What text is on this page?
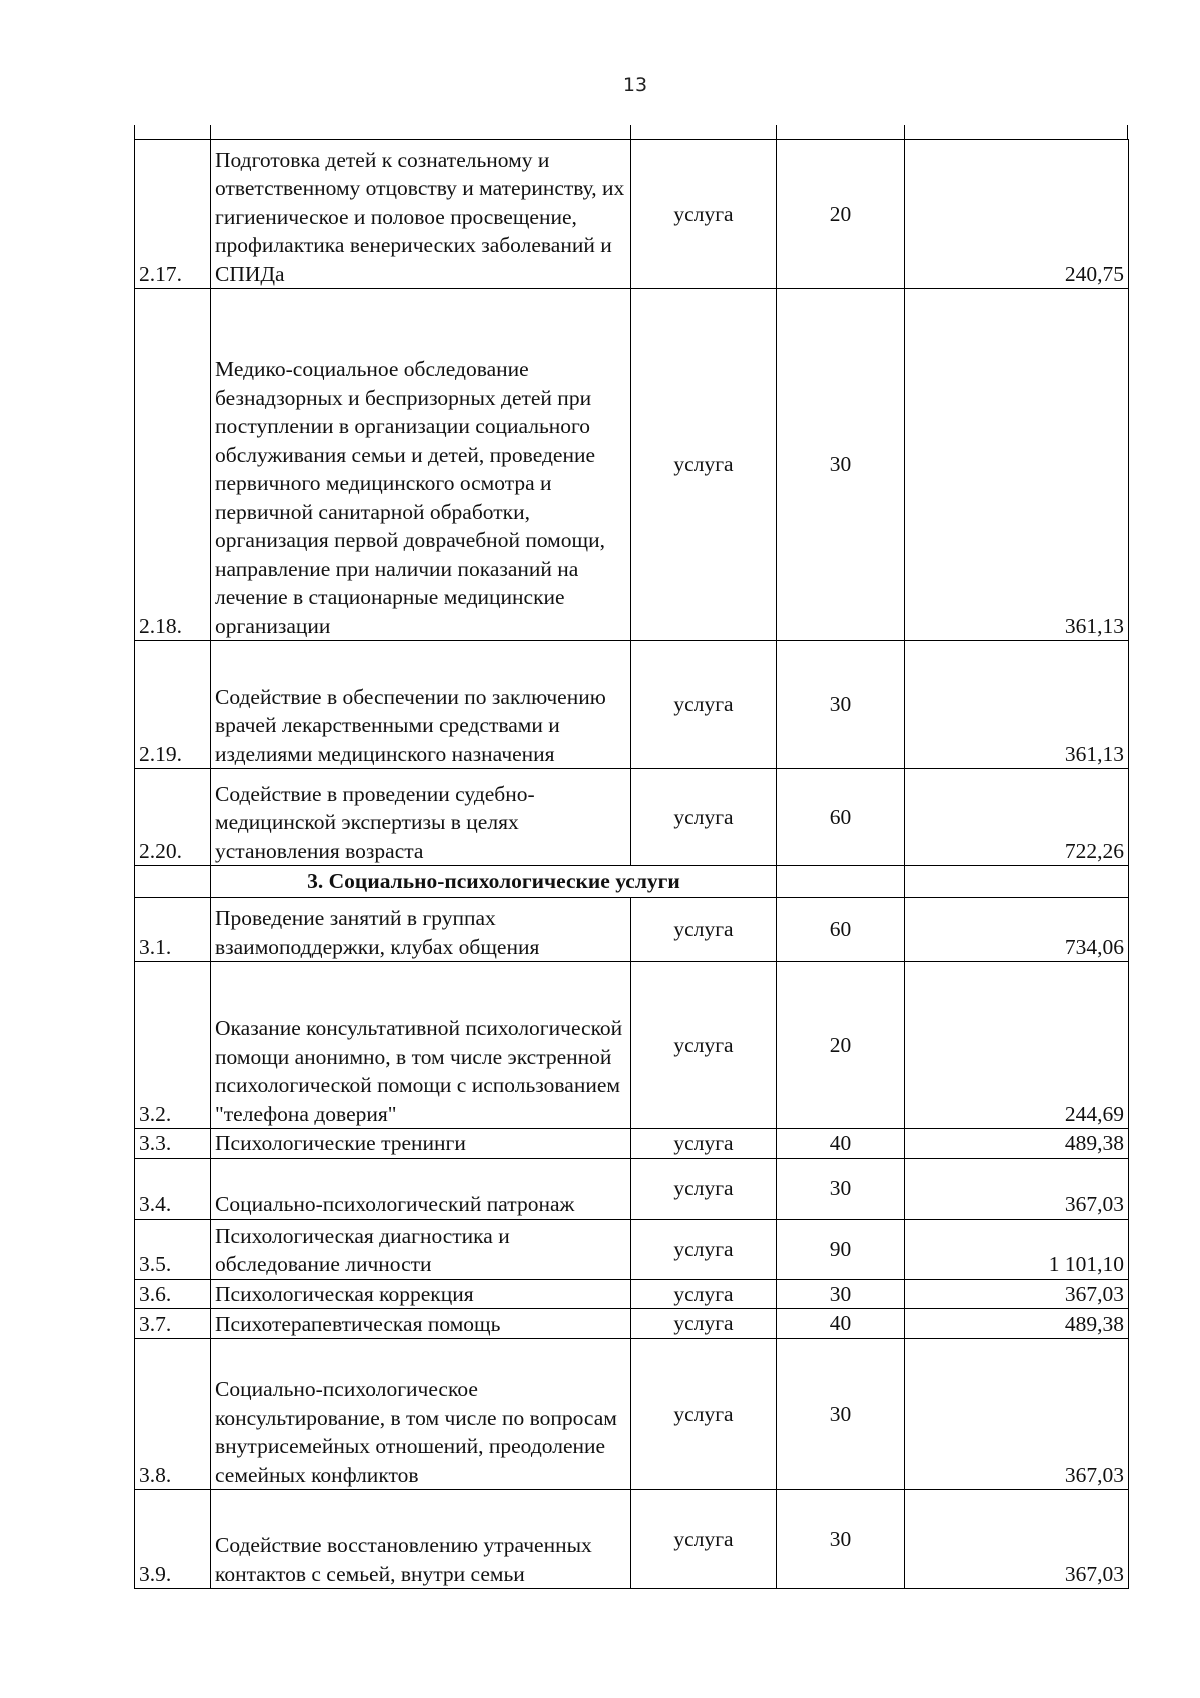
13
2.17.	Подготовка детей к сознательному и ответственному отцовству и материнству, их гигиеническое и половое просвещение, профилактика венерических заболеваний и СПИДа	услуга	20	240,75
2.18.	Медико-социальное обследование безнадзорных и беспризорных детей при поступлении в организации социального обслуживания семьи и детей, проведение первичного медицинского осмотра и первичной санитарной обработки, организация первой доврачебной помощи, направление при наличии показаний на лечение в стационарные медицинские организации	услуга	30	361,13
2.19.	Содействие в обеспечении по заключению врачей лекарственными средствами и изделиями медицинского назначения	услуга	30	361,13
2.20.	Содействие в проведении судебно-медицинской экспертизы в целях установления возраста	услуга	60	722,26
	3. Социально-психологические услуги			
3.1.	Проведение занятий в группах взаимоподдержки, клубах общения	услуга	60	734,06
3.2.	Оказание консультативной психологической помощи анонимно, в том числе экстренной психологической помощи с использованием "телефона доверия"	услуга	20	244,69
3.3.	Психологические тренинги	услуга	40	489,38
3.4.	Социально-психологический патронаж	услуга	30	367,03
3.5.	Психологическая диагностика и обследование личности	услуга	90	1 101,10
3.6.	Психологическая коррекция	услуга	30	367,03
3.7.	Психотерапевтическая помощь	услуга	40	489,38
3.8.	Социально-психологическое консультирование, в том числе по вопросам внутрисемейных отношений, преодоление семейных конфликтов	услуга	30	367,03
3.9.	Содействие восстановлению утраченных контактов с семьей, внутри семьи	услуга	30	367,03
